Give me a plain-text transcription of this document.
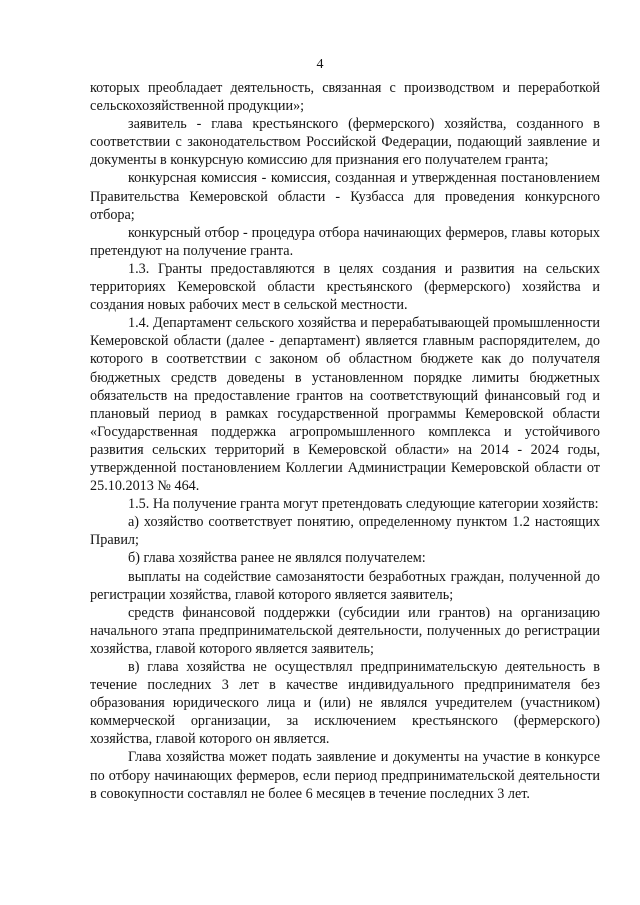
4

которых преобладает деятельность, связанная с производством и переработкой сельскохозяйственной продукции»;

заявитель - глава крестьянского (фермерского) хозяйства, созданного в соответствии с законодательством Российской Федерации, подающий заявление и документы в конкурсную комиссию для признания его получателем гранта;

конкурсная комиссия - комиссия, созданная и утвержденная постановлением Правительства Кемеровской области - Кузбасса для проведения конкурсного отбора;

конкурсный отбор - процедура отбора начинающих фермеров, главы которых претендуют на получение гранта.

1.3. Гранты предоставляются в целях создания и развития на сельских территориях Кемеровской области крестьянского (фермерского) хозяйства и создания новых рабочих мест в сельской местности.

1.4. Департамент сельского хозяйства и перерабатывающей промышленности Кемеровской области (далее - департамент) является главным распорядителем, до которого в соответствии с законом об областном бюджете как до получателя бюджетных средств доведены в установленном порядке лимиты бюджетных обязательств на предоставление грантов на соответствующий финансовый год и плановый период в рамках государственной программы Кемеровской области «Государственная поддержка агропромышленного комплекса и устойчивого развития сельских территорий в Кемеровской области» на 2014 - 2024 годы, утвержденной постановлением Коллегии Администрации Кемеровской области от 25.10.2013 № 464.

1.5. На получение гранта могут претендовать следующие категории хозяйств:

а) хозяйство соответствует понятию, определенному пунктом 1.2 настоящих Правил;

б) глава хозяйства ранее не являлся получателем:

выплаты на содействие самозанятости безработных граждан, полученной до регистрации хозяйства, главой которого является заявитель;

средств финансовой поддержки (субсидии или грантов) на организацию начального этапа предпринимательской деятельности, полученных до регистрации хозяйства, главой которого является заявитель;

в) глава хозяйства не осуществлял предпринимательскую деятельность в течение последних 3 лет в качестве индивидуального предпринимателя без образования юридического лица и (или) не являлся учредителем (участником) коммерческой организации, за исключением крестьянского (фермерского) хозяйства, главой которого он является.

Глава хозяйства может подать заявление и документы на участие в конкурсе по отбору начинающих фермеров, если период предпринимательской деятельности в совокупности составлял не более 6 месяцев в течение последних 3 лет.
